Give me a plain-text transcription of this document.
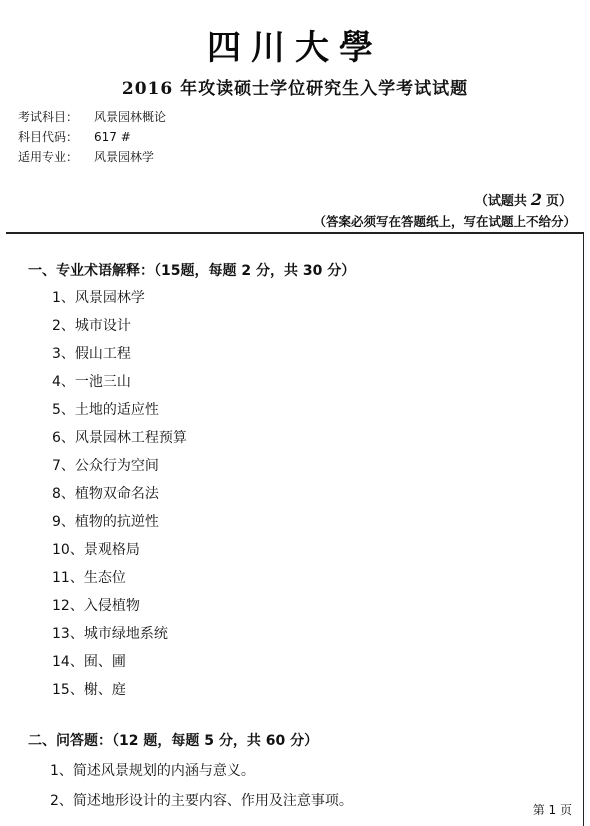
四川大學
2016 年攻读硕士学位研究生入学考试试题
考试科目： 风景园林概论
科目代码： 617 #
适用专业： 风景园林学
（试题共 2 页）
（答案必须写在答题纸上，写在试题上不给分）
一、专业术语解释：（15题，每题 2 分，共 30 分）
1、风景园林学
2、城市设计
3、假山工程
4、一池三山
5、土地的适应性
6、风景园林工程预算
7、公众行为空间
8、植物双命名法
9、植物的抗逆性
10、景观格局
11、生态位
12、入侵植物
13、城市绿地系统
14、囿、圃
15、榭、庭
二、问答题：（12 题，每题 5 分，共 60 分）
1、简述风景规划的内涵与意义。
2、简述地形设计的主要内容、作用及注意事项。
第 1 页
